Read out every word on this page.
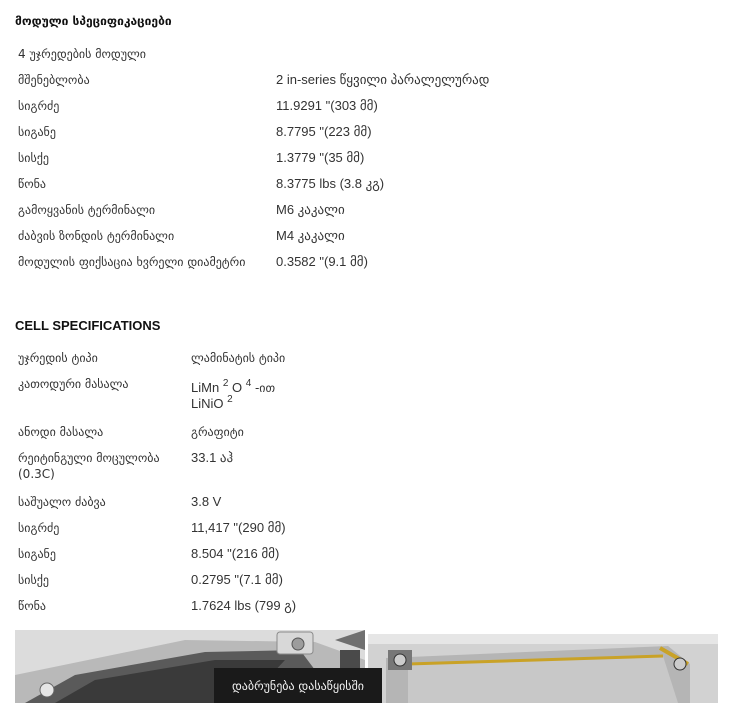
მოდული სპეციფიკაციები
4 უჯრედების მოდული	
მშენებლობა	2 in-series წყვილი პარალელურად
სიგრძე	11.9291 "(303 მმ)
სიგანე	8.7795 "(223 მმ)
სისქე	1.3779 "(35 მმ)
წონა	8.3775 lbs (3.8 კგ)
გამოყვანის ტერმინალი	M6 კაკალი
ძაბვის ზონდის ტერმინალი	M4 კაკალი
მოდულის ფიქსაცია ხვრელი დიამეტრი	0.3582 "(9.1 მმ)
CELL SPECIFICATIONS
უჯრედის ტიპი	ლამინატის ტიპი
კათოდური მასალა	LiMn $^2$ O $^4$ -ით
LiNiO $^2$

ანოდი მასალა	გრაფიტი

რეიტინგული მოცულობა
(0.3C)	33.1 აჰ
საშუალო ძაბვა	3.8 V
სიგრძე	11,417 "(290 მმ)
სიგანე	8.504 "(216 მმ)
სისქე	0.2795 "(7.1 მმ)
წონა	1.7624 lbs (799 გ)
დაბრუნება დასაწყისში
